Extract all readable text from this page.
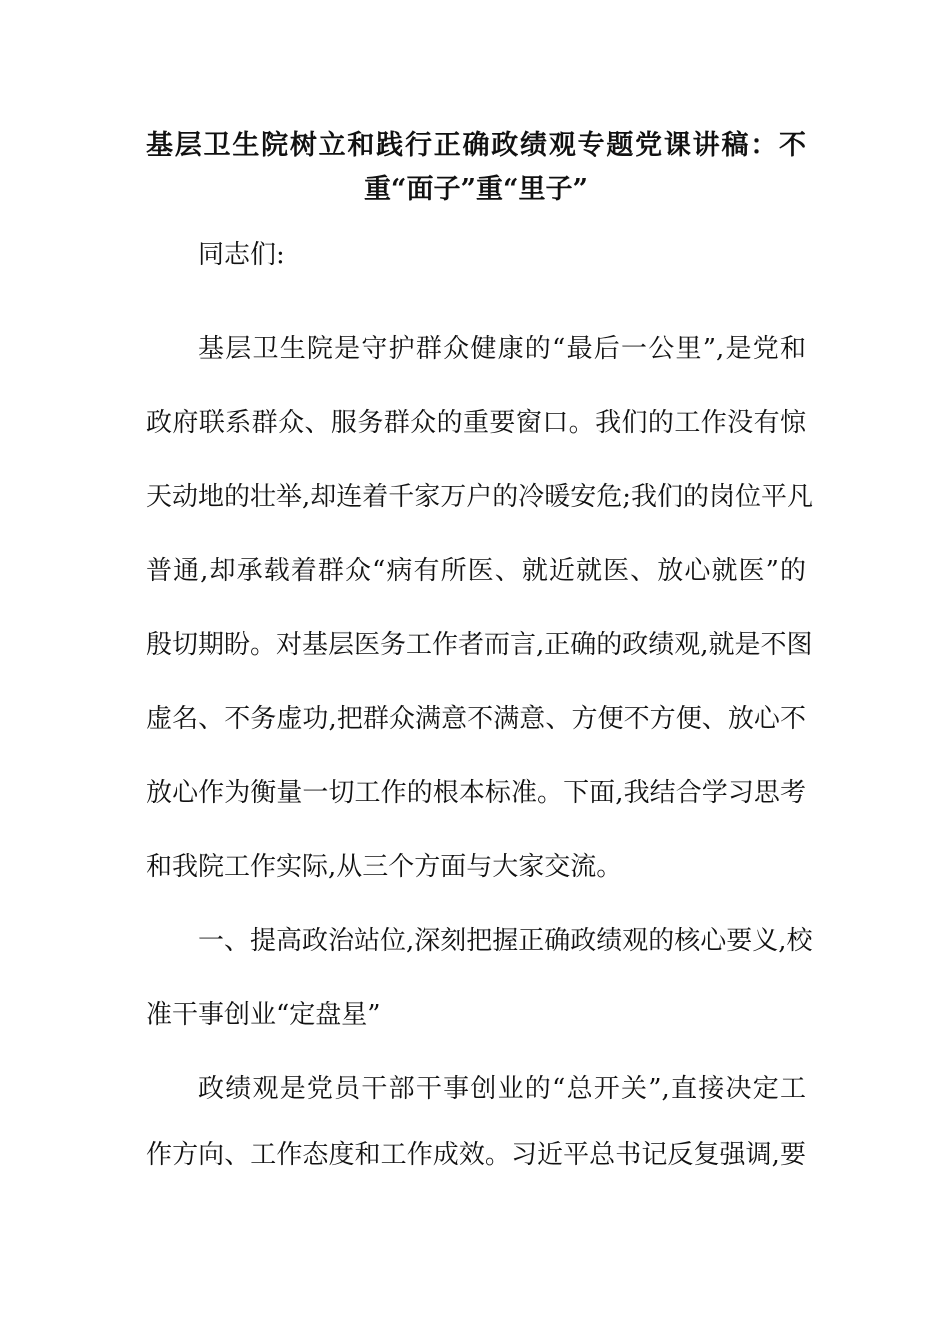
基层卫生院树立和践行正确政绩观专题党课讲稿：不
重“面子”重“里子”
同志们:
基层卫生院是守护群众健康的“最后一公里”,是党和
政府联系群众、服务群众的重要窗口。我们的工作没有惊
天动地的壮举,却连着千家万户的冷暖安危;我们的岗位平凡
普通,却承载着群众“病有所医、就近就医、放心就医”的
殷切期盼。对基层医务工作者而言,正确的政绩观,就是不图
虚名、不务虚功,把群众满意不满意、方便不方便、放心不
放心作为衡量一切工作的根本标准。下面,我结合学习思考
和我院工作实际,从三个方面与大家交流。
一、提高政治站位,深刻把握正确政绩观的核心要义,校
准干事创业“定盘星”
政绩观是党员干部干事创业的“总开关”,直接决定工
作方向、工作态度和工作成效。习近平总书记反复强调,要
